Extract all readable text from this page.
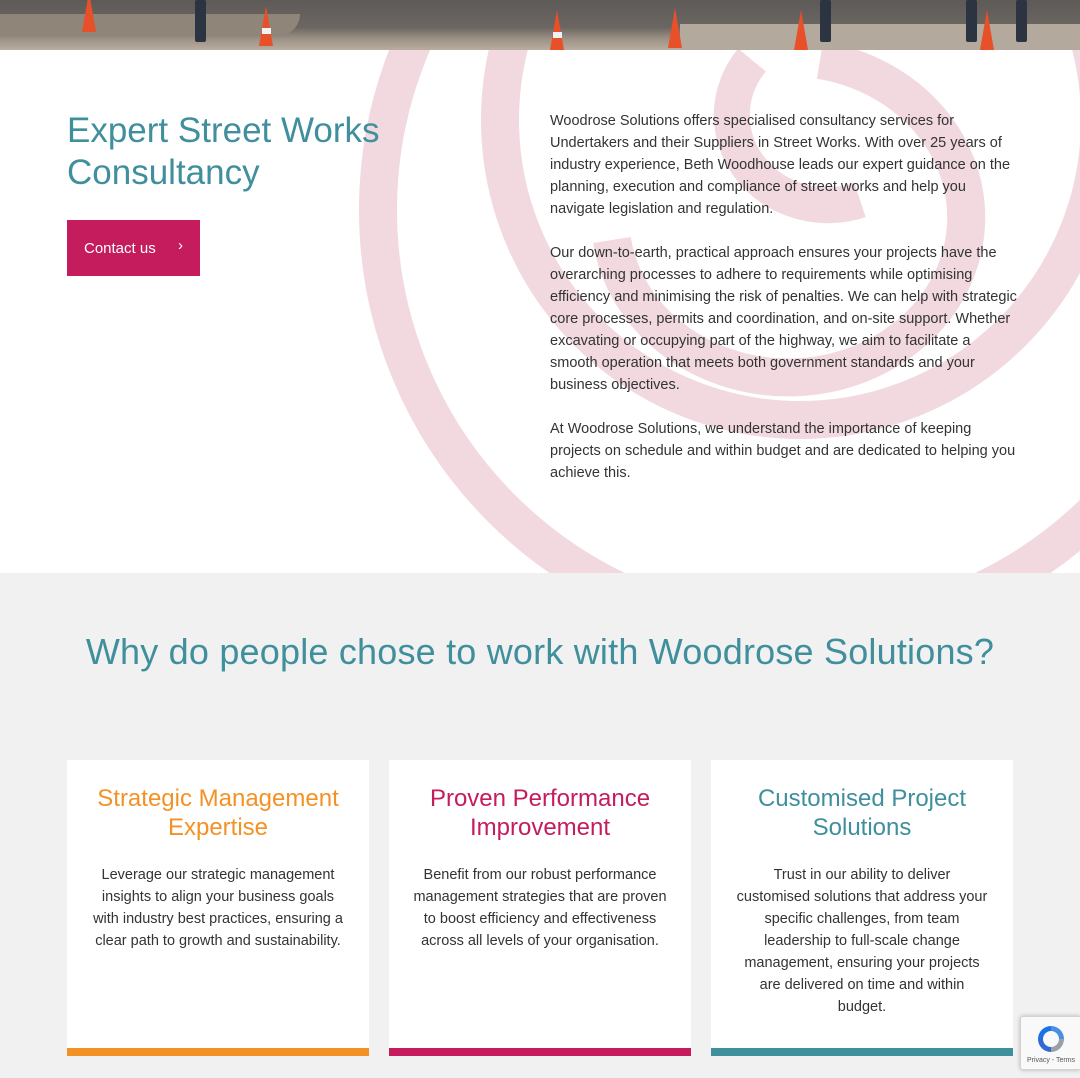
Expert Street Works Consultancy
Contact us ›

Woodrose Solutions offers specialised consultancy services for Undertakers and their Suppliers in Street Works. With over 25 years of industry experience, Beth Woodhouse leads our expert guidance on the planning, execution and compliance of street works and help you navigate legislation and regulation.

Our down-to-earth, practical approach ensures your projects have the overarching processes to adhere to requirements while optimising efficiency and minimising the risk of penalties. We can help with strategic core processes, permits and coordination, and on-site support. Whether excavating or occupying part of the highway, we aim to facilitate a smooth operation that meets both government standards and your business objectives.

At Woodrose Solutions, we understand the importance of keeping projects on schedule and within budget and are dedicated to helping you achieve this.

Why do people chose to work with Woodrose Solutions?
Strategic Management Expertise

Leverage our strategic management insights to align your business goals with industry best practices, ensuring a clear path to growth and sustainability.

Proven Performance Improvement

Benefit from our robust performance management strategies that are proven to boost efficiency and effectiveness across all levels of your organisation.

Customised Project Solutions

Trust in our ability to deliver customised solutions that address your specific challenges, from team leadership to full-scale change management, ensuring your projects are delivered on time and within budget.

Privacy - Terms
